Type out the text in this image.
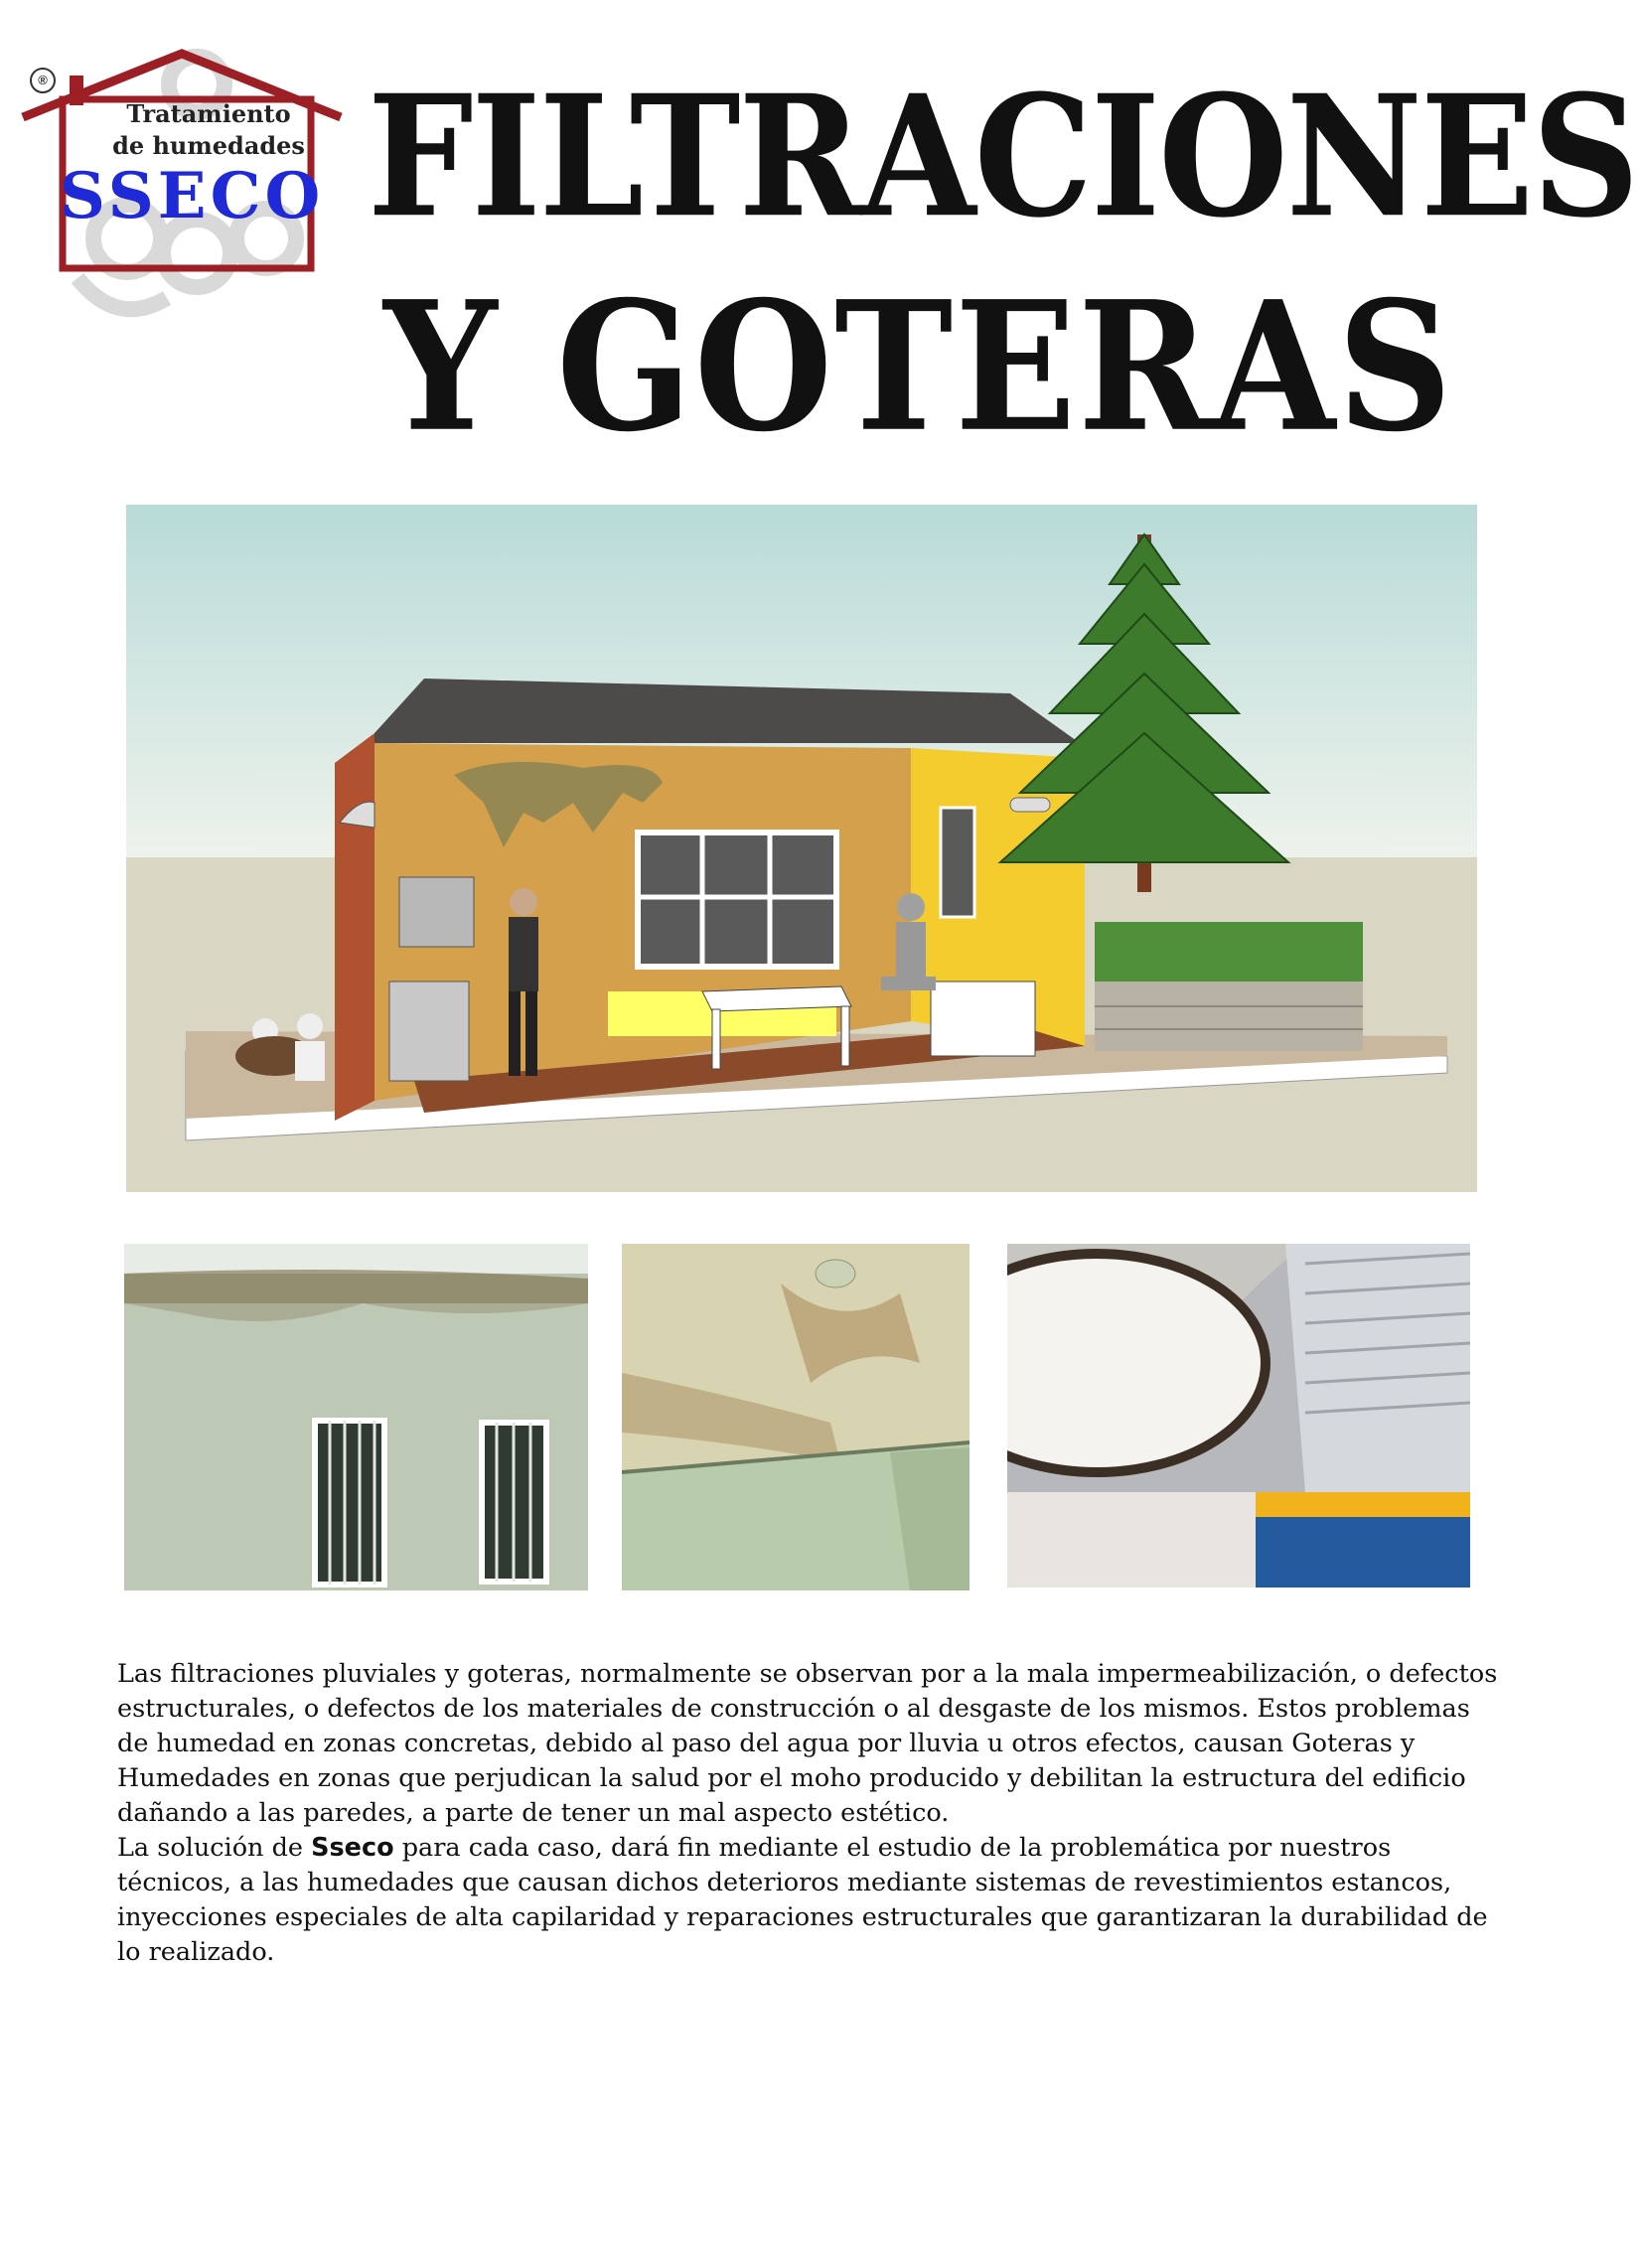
®
Tratamiento
de humedades
SSECO FILTRACIONES
Y GOTERAS

Las filtraciones pluviales y goteras, normalmente se observan por a la mala impermeabilización, o defectos estructurales, o defectos de los materiales de construcción o al desgaste de los mismos. Estos problemas de humedad en zonas concretas, debido al paso del agua por lluvia u otros efectos, causan Goteras y Humedades en zonas que perjudican la salud por el moho producido y debilitan la estructura del edificio dañando a las paredes, a parte de tener un mal aspecto estético.

La solución de Sseco para cada caso, dará fin mediante el estudio de la problemática por nuestros técnicos, a las humedades que causan dichos deterioros mediante sistemas de revestimientos estancos, inyecciones especiales de alta capilaridad y reparaciones estructurales que garantizaran la durabilidad de lo realizado.
